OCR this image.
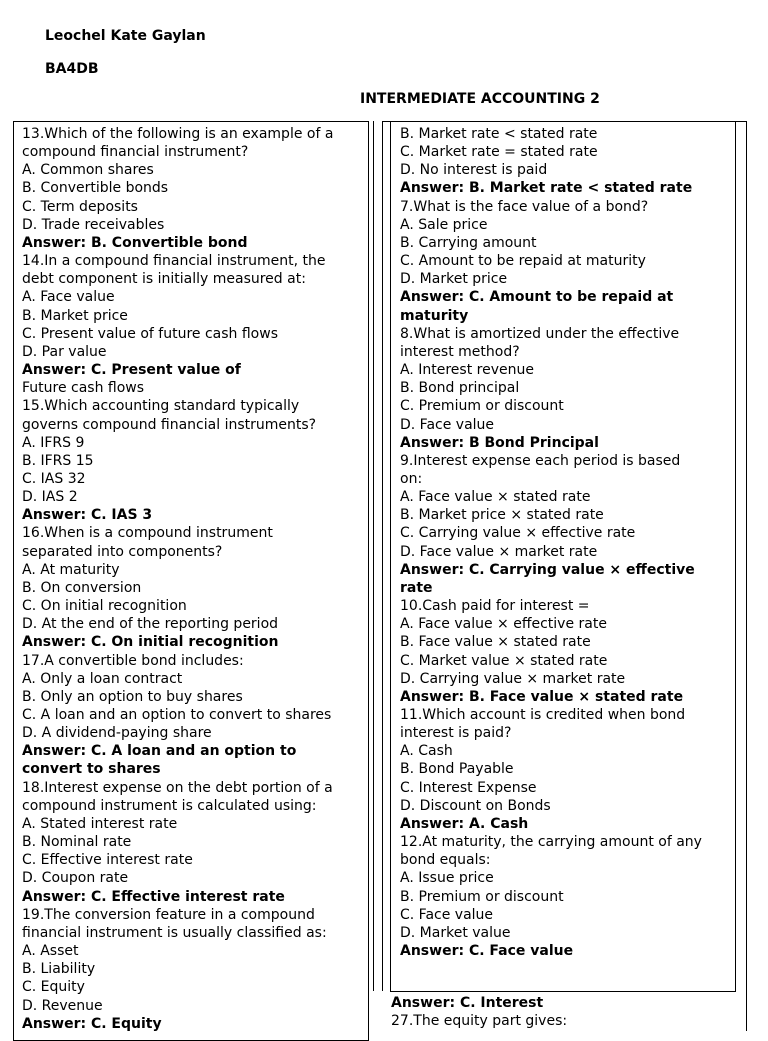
Leochel Kate Gaylan
BA4DB
INTERMEDIATE ACCOUNTING 2
13.Which of the following is an example of a
compound financial instrument?
A. Common shares
B. Convertible bonds
C. Term deposits
D. Trade receivables
Answer: B. Convertible bond
14.In a compound financial instrument, the
debt component is initially measured at:
A. Face value
B. Market price
C. Present value of future cash flows
D. Par value
Answer: C. Present value of
Future cash flows
15.Which accounting standard typically
governs compound financial instruments?
A. IFRS 9
B. IFRS 15
C. IAS 32
D. IAS 2
Answer: C. IAS 3
16.When is a compound instrument
separated into components?
A. At maturity
B. On conversion
C. On initial recognition
D. At the end of the reporting period
Answer: C. On initial recognition
17.A convertible bond includes:
A. Only a loan contract
B. Only an option to buy shares
C. A loan and an option to convert to shares
D. A dividend-paying share
Answer: C. A loan and an option to
convert to shares
18.Interest expense on the debt portion of a
compound instrument is calculated using:
A. Stated interest rate
B. Nominal rate
C. Effective interest rate
D. Coupon rate
Answer: C. Effective interest rate
19.The conversion feature in a compound
financial instrument is usually classified as:
A. Asset
B. Liability
C. Equity
D. Revenue
Answer: C. Equity
B. Market rate < stated rate
C. Market rate = stated rate
D. No interest is paid
Answer: B. Market rate < stated rate
7.What is the face value of a bond?
A. Sale price
B. Carrying amount
C. Amount to be repaid at maturity
D. Market price
Answer: C. Amount to be repaid at
maturity
8.What is amortized under the effective
interest method?
A. Interest revenue
B. Bond principal
C. Premium or discount
D. Face value
Answer: B Bond Principal
9.Interest expense each period is based
on:
A. Face value × stated rate
B. Market price × stated rate
C. Carrying value × effective rate
D. Face value × market rate
Answer: C. Carrying value × effective
rate
10.Cash paid for interest =
A. Face value × effective rate
B. Face value × stated rate
C. Market value × stated rate
D. Carrying value × market rate
Answer: B. Face value × stated rate
11.Which account is credited when bond
interest is paid?
A. Cash
B. Bond Payable
C. Interest Expense
D. Discount on Bonds
Answer: A. Cash
12.At maturity, the carrying amount of any
bond equals:
A. Issue price
B. Premium or discount
C. Face value
D. Market value
Answer: C. Face value
Answer: C. Interest
27.The equity part gives:
